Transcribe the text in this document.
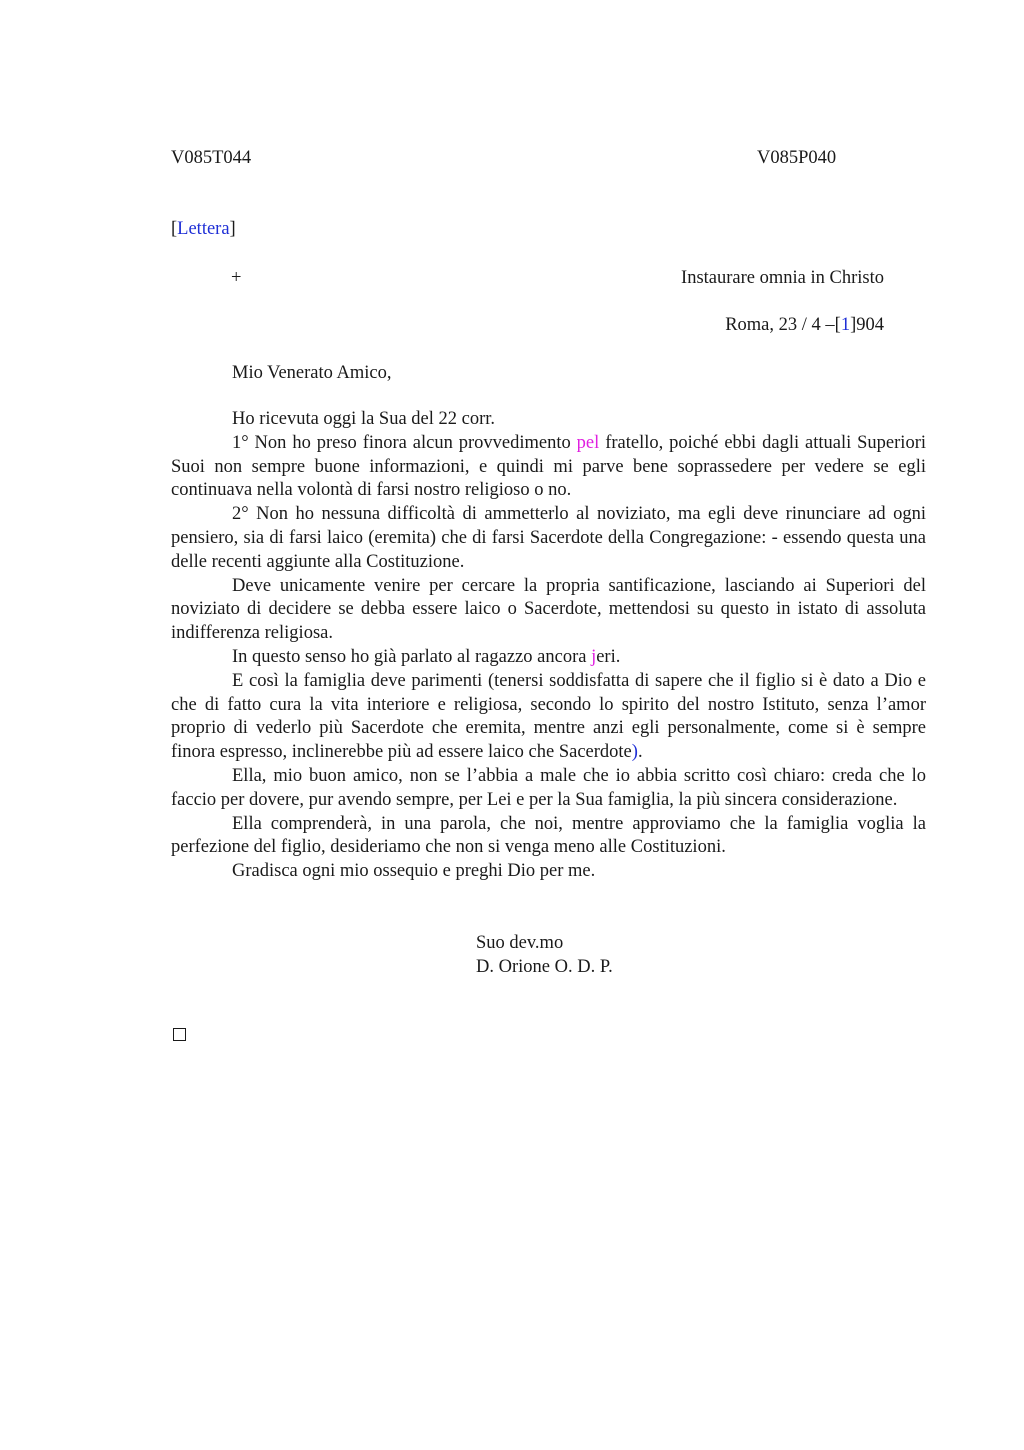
V085T044	V085P040
[Lettera]
+	Instaurare omnia in Christo
Roma, 23 / 4 –[1]904
Mio Venerato Amico,

Ho ricevuta oggi la Sua del 22 corr.

1° Non ho preso finora alcun provvedimento pel fratello, poiché ebbi dagli attuali Superiori Suoi non sempre buone informazioni, e quindi mi parve bene soprassedere per vedere se egli continuava nella volontà di farsi nostro religioso o no.

2° Non ho nessuna difficoltà di ammetterlo al noviziato, ma egli deve rinunciare ad ogni pensiero, sia di farsi laico (eremita) che di farsi Sacerdote della Congregazione: - essendo questa una delle recenti aggiunte alla Costituzione.

Deve unicamente venire per cercare la propria santificazione, lasciando ai Superiori del noviziato di decidere se debba essere laico o Sacerdote, mettendosi su questo in istato di assoluta indifferenza religiosa.

In questo senso ho già parlato al ragazzo ancora jeri.

E così la famiglia deve parimenti (tenersi soddisfatta di sapere che il figlio si è dato a Dio e che di fatto cura la vita interiore e religiosa, secondo lo spirito del nostro Istituto, senza l’amor proprio di vederlo più Sacerdote che eremita, mentre anzi egli personalmente, come si è sempre finora espresso, inclinerebbe più ad essere laico che Sacerdote).

Ella, mio buon amico, non se l’abbia a male che io abbia scritto così chiaro: creda che lo faccio per dovere, pur avendo sempre, per Lei e per la Sua famiglia, la più sincera considerazione.

Ella comprenderà, in una parola, che noi, mentre approviamo che la famiglia voglia la perfezione del figlio, desideriamo che non si venga meno alle Costituzioni.

Gradisca ogni mio ossequio e preghi Dio per me.

Suo dev.mo
D. Orione O. D. P.
